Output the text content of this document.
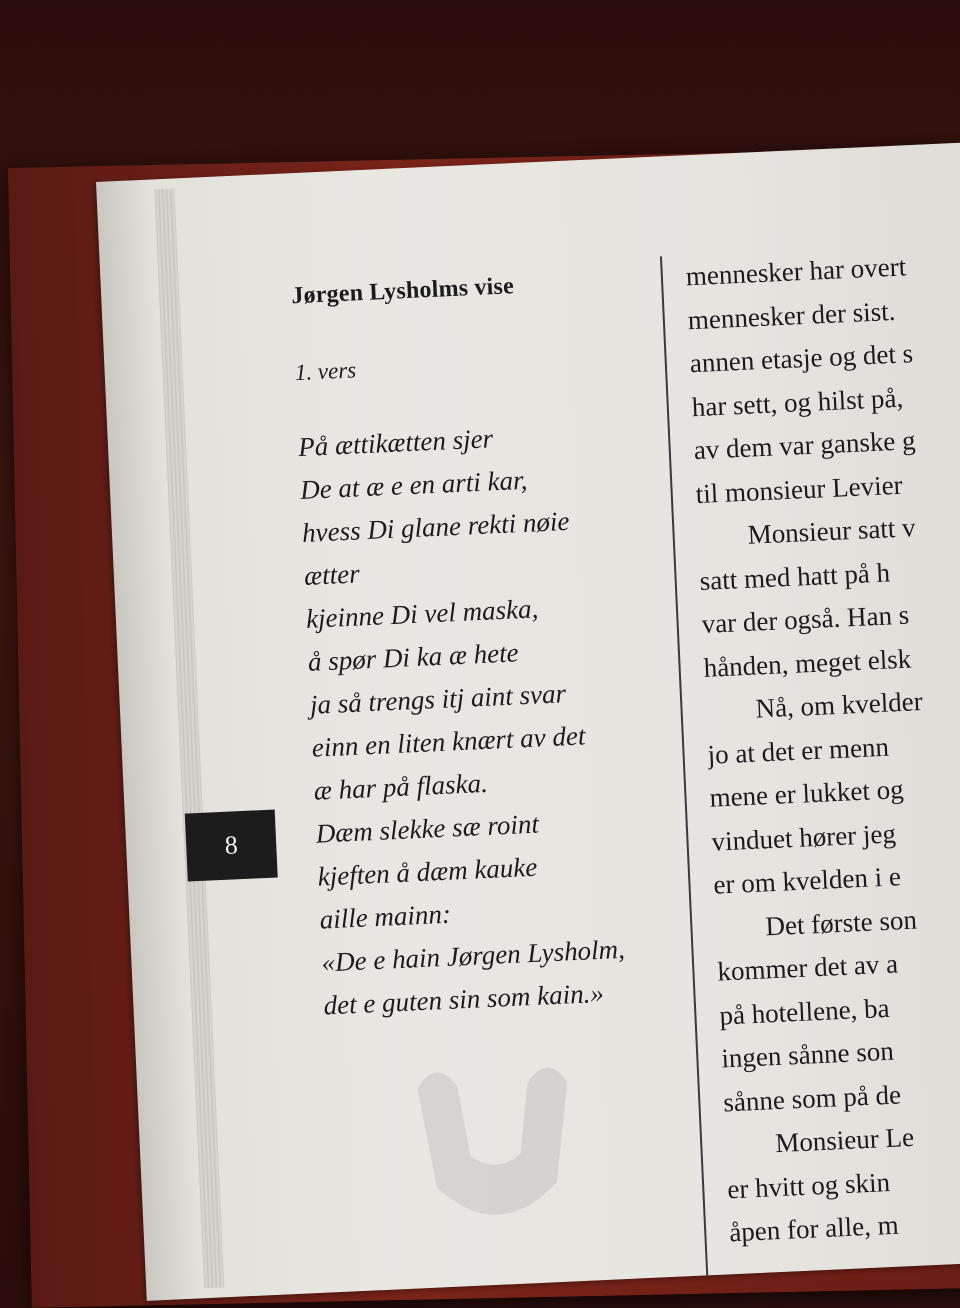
Jørgen Lysholms vise
1. vers
På ættikætten sjer
De at æ e en arti kar,
hvess Di glane rekti nøie
ætter
kjeinne Di vel maska,
å spør Di ka æ hete
ja så trengs itj aint svar
einn en liten knært av det
æ har på flaska.
Dæm slekke sæ roint
kjeften å dæm kauke
aille mainn:
«De e hain Jørgen Lysholm,
det e guten sin som kain.»
8
mennesker har overt
mennesker der sist.
annen etasje og det s
har sett, og hilst på,
av dem var ganske g
til monsieur Levier
Monsieur satt v
satt med hatt på h
var der også. Han s
hånden, meget elsk
Nå, om kvelder
jo at det er menn
mene er lukket og
vinduet hører jeg
er om kvelden i e
Det første son
kommer det av a
på hotellene, ba
ingen sånne son
sånne som på de
Monsieur Le
er hvitt og skin
åpen for alle, m
